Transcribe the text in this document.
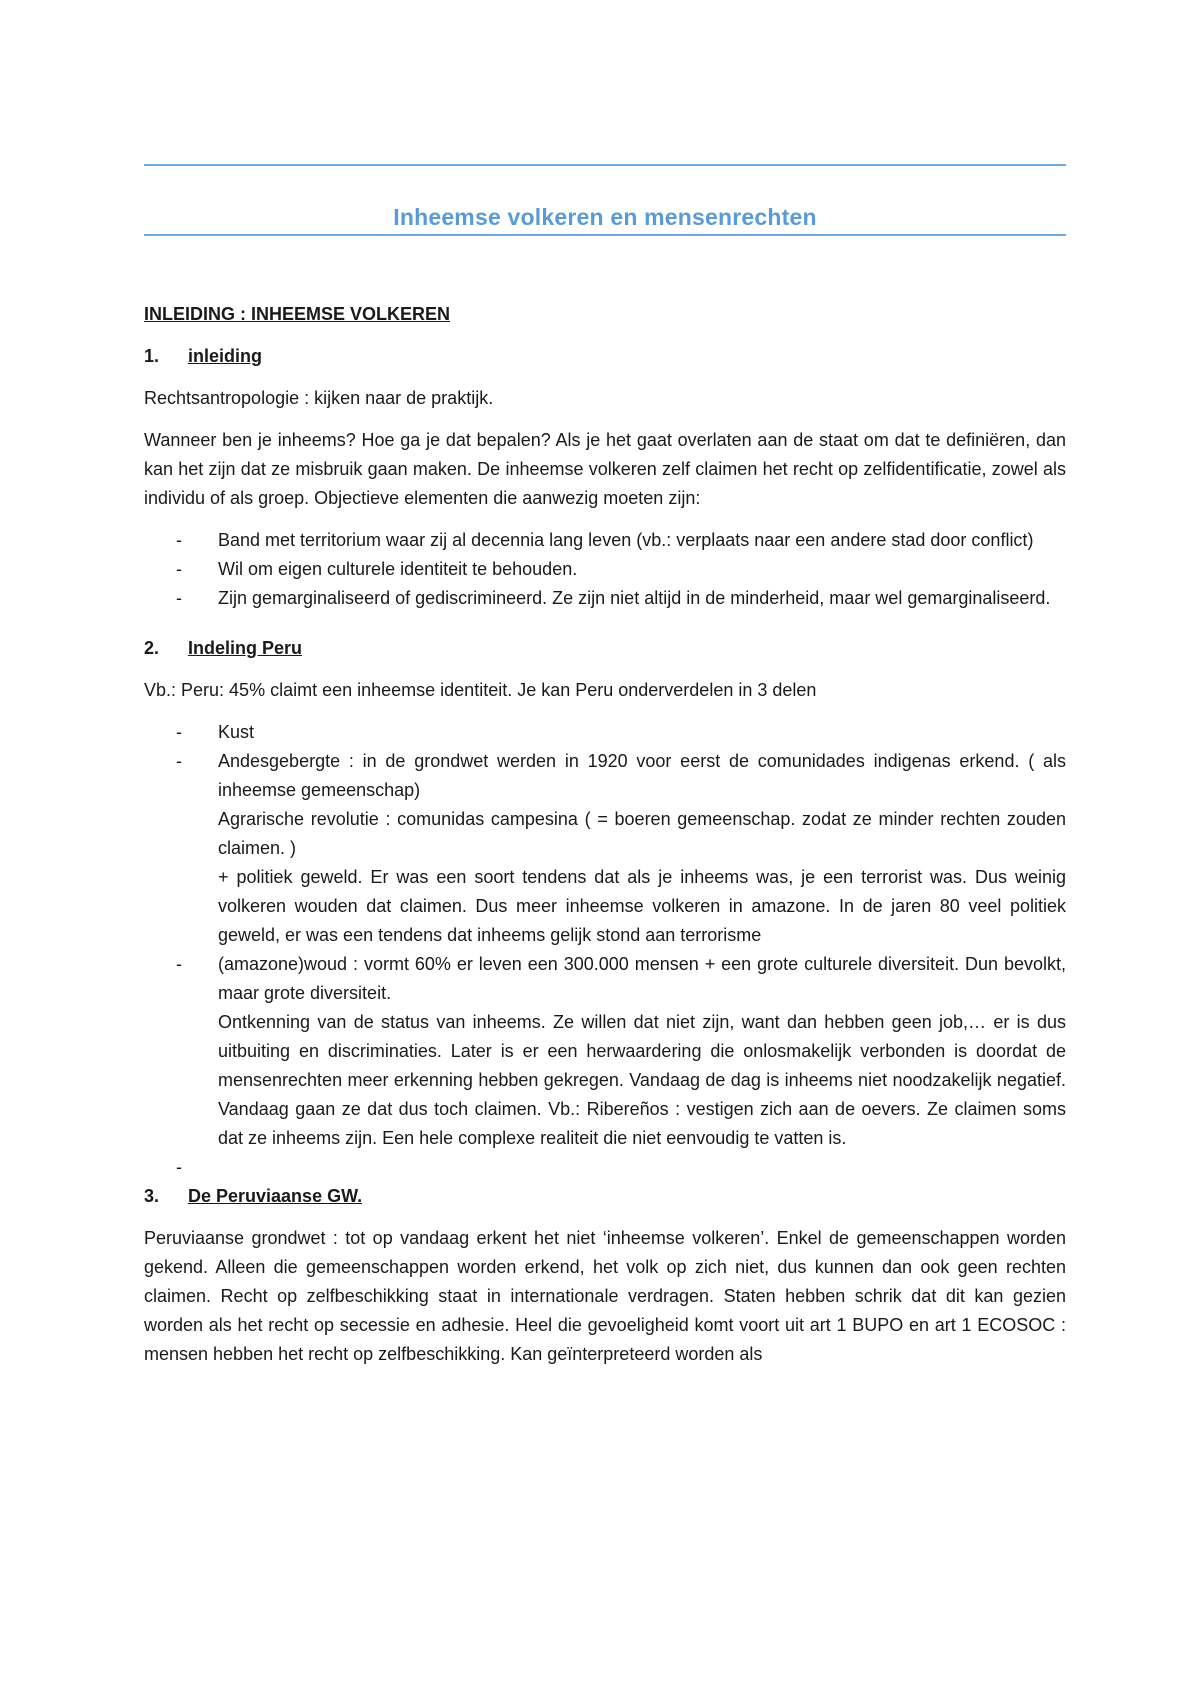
Inheemse volkeren en mensenrechten
INLEIDING : INHEEMSE VOLKEREN
1.	inleiding

Rechtsantropologie : kijken naar de praktijk.

Wanneer ben je inheems? Hoe ga je dat bepalen? Als je het gaat overlaten aan de staat om dat te definiëren, dan kan het zijn dat ze misbruik gaan maken. De inheemse volkeren zelf claimen het recht op zelfidentificatie, zowel als individu of als groep. Objectieve elementen die aanwezig moeten zijn:

- Band met territorium waar zij al decennia lang leven (vb.: verplaats naar een andere stad door conflict)
- Wil om eigen culturele identiteit te behouden.
- Zijn gemarginaliseerd of gediscrimineerd. Ze zijn niet altijd in de minderheid, maar wel gemarginaliseerd.
2.	Indeling Peru

Vb.: Peru: 45% claimt een inheemse identiteit. Je kan Peru onderverdelen in 3 delen

- Kust
- Andesgebergte : in de grondwet werden in 1920 voor eerst de comunidades indigenas erkend. ( als inheemse gemeenschap)
Agrarische revolutie : comunidas campesina ( = boeren gemeenschap. zodat ze minder rechten zouden claimen. )
+ politiek geweld. Er was een soort tendens dat als je inheems was, je een terrorist was. Dus weinig volkeren wouden dat claimen. Dus meer inheemse volkeren in amazone. In de jaren 80 veel politiek geweld, er was een tendens dat inheems gelijk stond aan terrorisme
- (amazone)woud : vormt 60% er leven een 300.000 mensen + een grote culturele diversiteit. Dun bevolkt, maar grote diversiteit.
Ontkenning van de status van inheems. Ze willen dat niet zijn, want dan hebben geen job,… er is dus uitbuiting en discriminaties. Later is er een herwaardering die onlosmakelijk verbonden is doordat de mensenrechten meer erkenning hebben gekregen. Vandaag de dag is inheems niet noodzakelijk negatief. Vandaag gaan ze dat dus toch claimen. Vb.: Ribereños : vestigen zich aan de oevers. Ze claimen soms dat ze inheems zijn. Een hele complexe realiteit die niet eenvoudig te vatten is.
-
3.	De Peruviaanse GW.

Peruviaanse grondwet : tot op vandaag erkent het niet ‘inheemse volkeren’. Enkel de gemeenschappen worden gekend. Alleen die gemeenschappen worden erkend, het volk op zich niet, dus kunnen dan ook geen rechten claimen. Recht op zelfbeschikking staat in internationale verdragen. Staten hebben schrik dat dit kan gezien worden als het recht op secessie en adhesie. Heel die gevoeligheid komt voort uit art 1 BUPO en art 1 ECOSOC : mensen hebben het recht op zelfbeschikking. Kan geïnterpreteerd worden als
